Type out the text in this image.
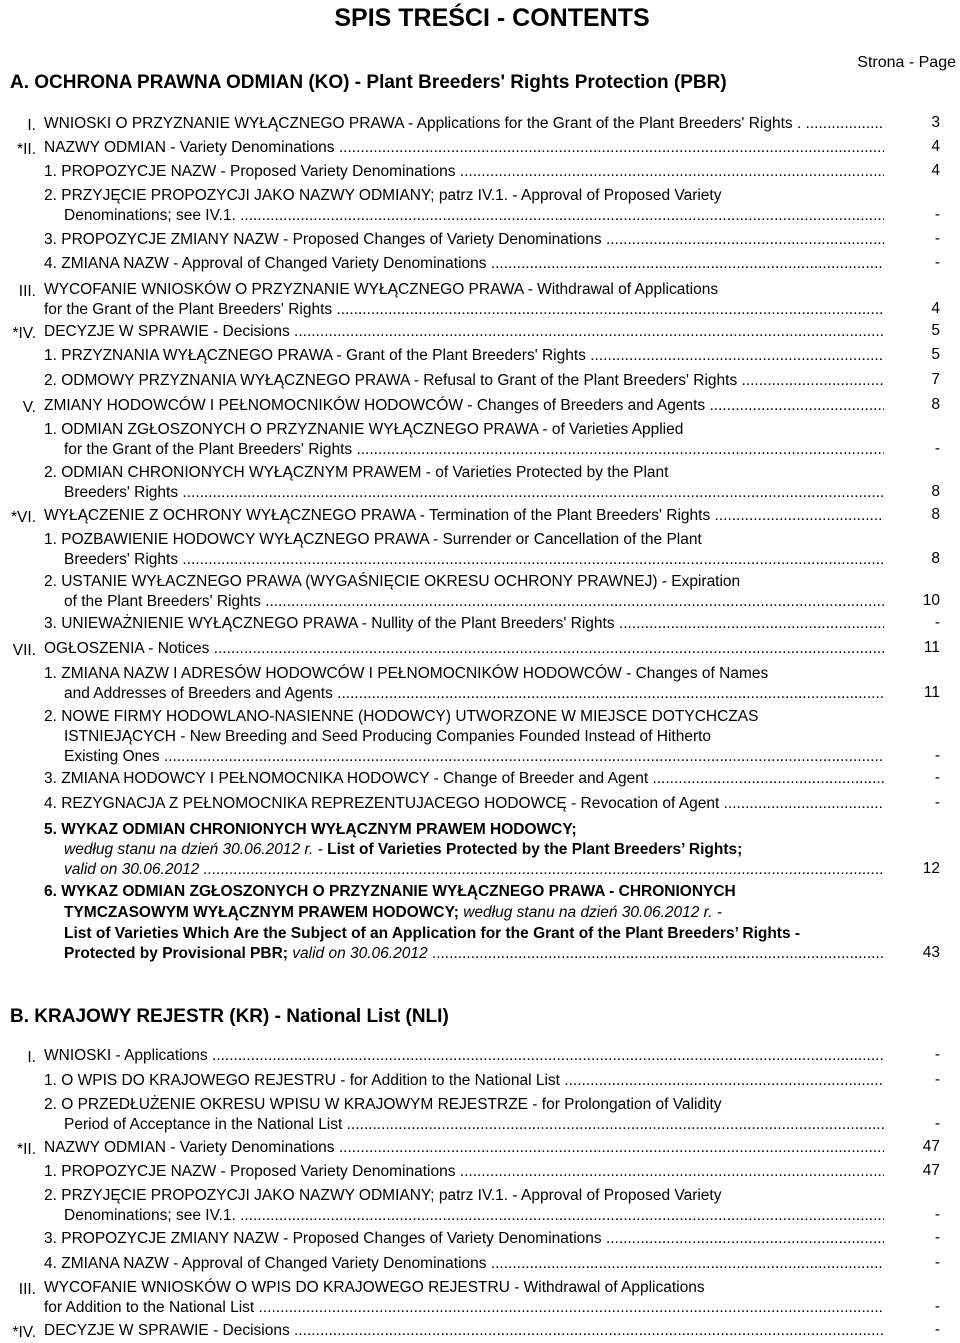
SPIS TREŚCI - CONTENTS
A. OCHRONA PRAWNA ODMIAN (KO) - Plant Breeders' Rights Protection (PBR)
Strona - Page
I. WNIOSKI O PRZYZNANIE WYŁĄCZNEGO PRAWA - Applications for the Grant of the Plant Breeders' Rights . .....	3
*II. NAZWY ODMIAN - Variety Denominations .....	4
1. PROPOZYCJE NAZW - Proposed Variety Denominations .....	4
2. PRZYJĘCIE PROPOZYCJI JAKO NAZWY ODMIANY; patrz IV.1. - Approval of Proposed Variety
Denominations; see IV.1. .....	-
3. PROPOZYCJE ZMIANY NAZW - Proposed Changes of Variety Denominations .....	-
4. ZMIANA NAZW - Approval of Changed Variety Denominations .....	-
III. WYCOFANIE WNIOSKÓW O PRZYZNANIE WYŁĄCZNEGO PRAWA - Withdrawal of Applications
for the Grant of the Plant Breeders' Rights .....	4
*IV. DECYZJE W SPRAWIE - Decisions .....	5
1. PRZYZNANIA WYŁĄCZNEGO PRAWA - Grant of the Plant Breeders' Rights .....	5
2. ODMOWY PRZYZNANIA WYŁĄCZNEGO PRAWA - Refusal to Grant of the Plant Breeders' Rights .....	7
V. ZMIANY HODOWCÓW I PEŁNOMOCNIKÓW HODOWCÓW - Changes of Breeders and Agents .....	8
1. ODMIAN ZGŁOSZONYCH O PRZYZNANIE WYŁĄCZNEGO PRAWA - of Varieties Applied
for the Grant of the Plant Breeders' Rights .....	-
2. ODMIAN CHRONIONYCH WYŁĄCZNYM PRAWEM - of Varieties Protected by the Plant
Breeders' Rights .....	8
*VI. WYŁĄCZENIE Z OCHRONY WYŁĄCZNEGO PRAWA - Termination of the Plant Breeders' Rights .....	8
1. POZBAWIENIE HODOWCY WYŁĄCZNEGO PRAWA - Surrender or Cancellation of the Plant
Breeders' Rights .....	8
2. USTANIE WYŁACZNEGO PRAWA (WYGAŚNIĘCIE OKRESU OCHRONY PRAWNEJ) - Expiration
of the Plant Breeders' Rights .....	10
3. UNIEWAŻNIENIE WYŁĄCZNEGO PRAWA - Nullity of the Plant Breeders' Rights .....	-
VII. OGŁOSZENIA - Notices .....	11
1. ZMIANA NAZW I ADRESÓW HODOWCÓW I PEŁNOMOCNIKÓW HODOWCÓW - Changes of Names
and Addresses of Breeders and Agents .....	11
2. NOWE FIRMY HODOWLANO-NASIENNE (HODOWCY) UTWORZONE W MIEJSCE DOTYCHCZAS
ISTNIEJĄCYCH - New Breeding and Seed Producing Companies Founded Instead of Hitherto
Existing Ones .....	-
3. ZMIANA HODOWCY I PEŁNOMOCNIKA HODOWCY - Change of Breeder and Agent .....	-
4. REZYGNACJA Z PEŁNOMOCNIKA REPREZENTUJACEGO HODOWCĘ - Revocation of Agent .....	-
5. WYKAZ ODMIAN CHRONIONYCH WYŁĄCZNYM PRAWEM HODOWCY;
według stanu na dzień 30.06.2012 r. - List of Varieties Protected by the Plant Breeders’ Rights;
valid on 30.06.2012 .....	12
6. WYKAZ ODMIAN ZGŁOSZONYCH O PRZYZNANIE WYŁĄCZNEGO PRAWA - CHRONIONYCH
TYMCZASOWYM WYŁĄCZNYM PRAWEM HODOWCY; według stanu na dzień 30.06.2012 r. -
List of Varieties Which Are the Subject of an Application for the Grant of the Plant Breeders’ Rights -
Protected by Provisional PBR; valid on 30.06.2012 .....	43
B. KRAJOWY REJESTR (KR) - National List (NLI)
I. WNIOSKI - Applications .....	-
1. O WPIS DO KRAJOWEGO REJESTRU - for Addition to the National List .....	-
2. O PRZEDŁUŻENIE OKRESU WPISU W KRAJOWYM REJESTRZE - for Prolongation of Validity
Period of Acceptance in the National List .....	-
*II. NAZWY ODMIAN - Variety Denominations .....	47
1. PROPOZYCJE NAZW - Proposed Variety Denominations .....	47
2. PRZYJĘCIE PROPOZYCJI JAKO NAZWY ODMIANY; patrz IV.1. - Approval of Proposed Variety
Denominations; see IV.1. .....	-
3. PROPOZYCJE ZMIANY NAZW - Proposed Changes of Variety Denominations .....	-
4. ZMIANA NAZW - Approval of Changed Variety Denominations .....	-
III. WYCOFANIE WNIOSKÓW O WPIS DO KRAJOWEGO REJESTRU - Withdrawal of Applications
for Addition to the National List .....	-
*IV. DECYZJE W SPRAWIE - Decisions .....	-
